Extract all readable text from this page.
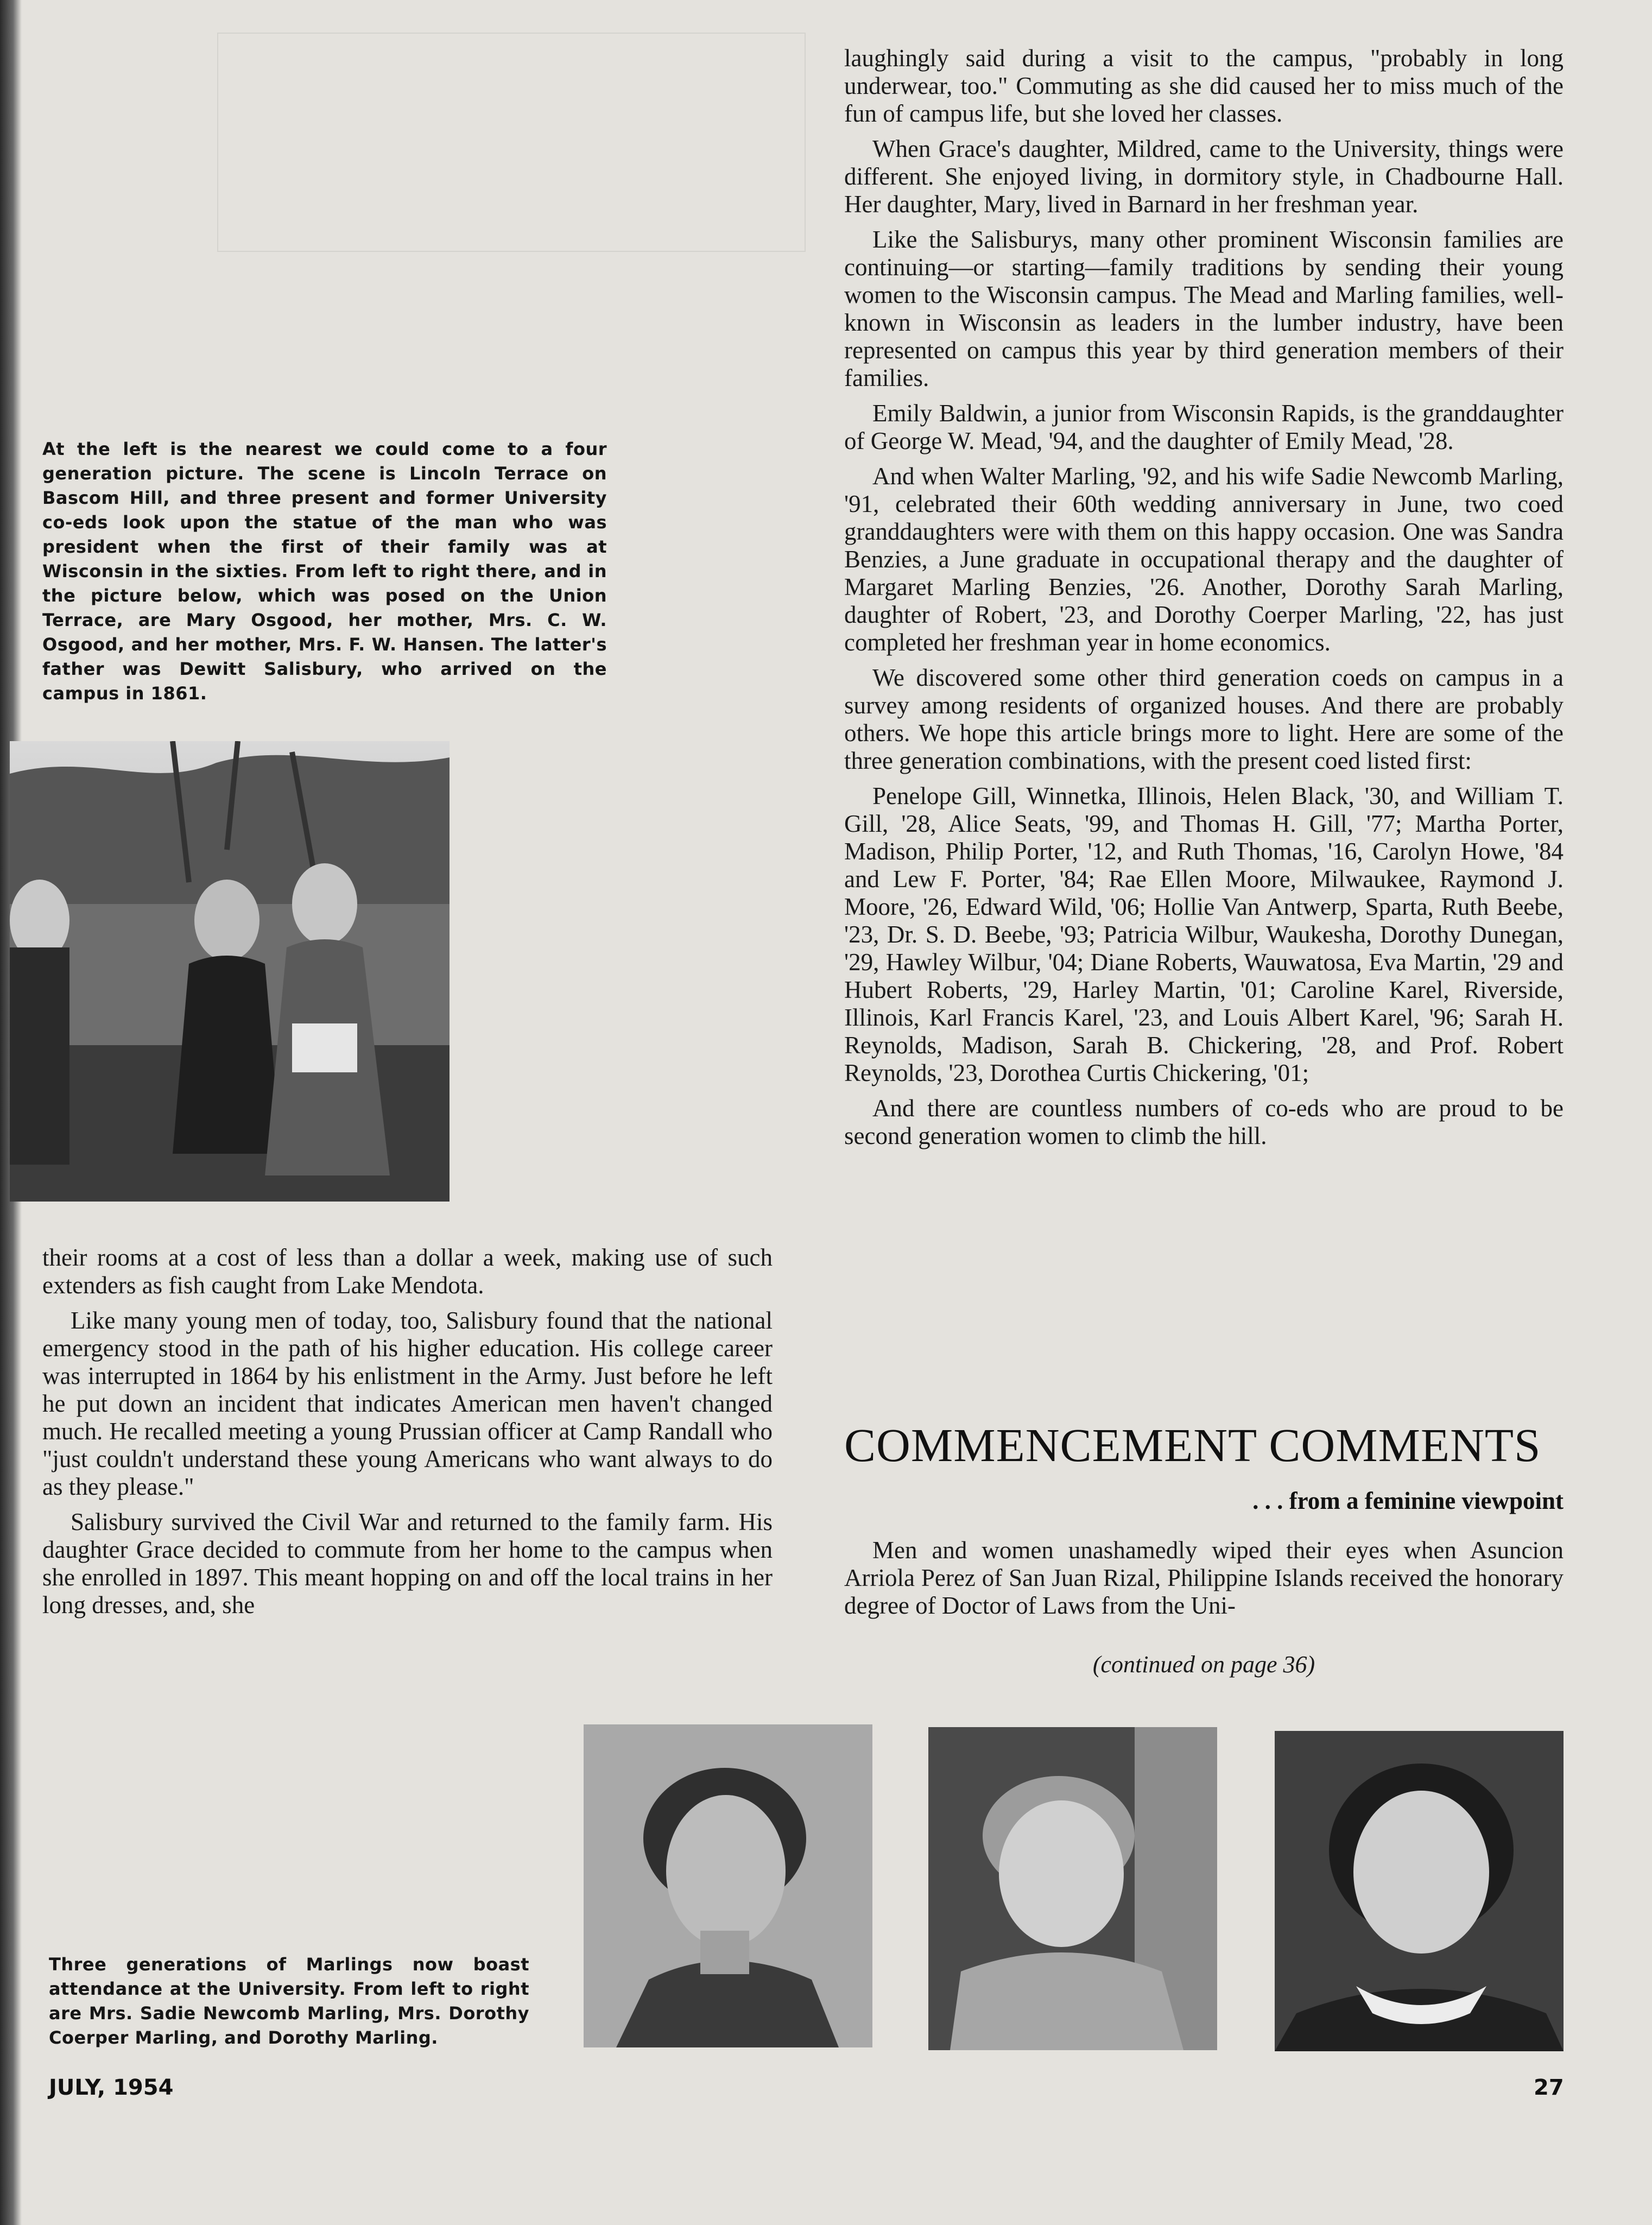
At the left is the nearest we could come to a four generation picture. The scene is Lincoln Terrace on Bascom Hill, and three present and former University co-eds look upon the statue of the man who was president when the first of their family was at Wisconsin in the sixties. From left to right there, and in the picture below, which was posed on the Union Terrace, are Mary Osgood, her mother, Mrs. C. W. Osgood, and her mother, Mrs. F. W. Hansen. The latter's father was Dewitt Salisbury, who arrived on the campus in 1861.

their rooms at a cost of less than a dollar a week, making use of such extenders as fish caught from Lake Mendota.

Like many young men of today, too, Salisbury found that the national emergency stood in the path of his higher education. His college career was interrupted in 1864 by his enlistment in the Army. Just before he left he put down an incident that indicates American men haven't changed much. He recalled meeting a young Prussian officer at Camp Randall who "just couldn't understand these young Americans who want always to do as they please."

Salisbury survived the Civil War and returned to the family farm. His daughter Grace decided to commute from her home to the campus when she enrolled in 1897. This meant hopping on and off the local trains in her long dresses, and, she

laughingly said during a visit to the campus, "probably in long underwear, too." Commuting as she did caused her to miss much of the fun of campus life, but she loved her classes.

When Grace's daughter, Mildred, came to the University, things were different. She enjoyed living, in dormitory style, in Chadbourne Hall. Her daughter, Mary, lived in Barnard in her freshman year.

Like the Salisburys, many other prominent Wisconsin families are continuing—or starting—family traditions by sending their young women to the Wisconsin campus. The Mead and Marling families, well-known in Wisconsin as leaders in the lumber industry, have been represented on campus this year by third generation members of their families.

Emily Baldwin, a junior from Wisconsin Rapids, is the granddaughter of George W. Mead, '94, and the daughter of Emily Mead, '28.

And when Walter Marling, '92, and his wife Sadie Newcomb Marling, '91, celebrated their 60th wedding anniversary in June, two coed granddaughters were with them on this happy occasion. One was Sandra Benzies, a June graduate in occupational therapy and the daughter of Margaret Marling Benzies, '26. Another, Dorothy Sarah Marling, daughter of Robert, '23, and Dorothy Coerper Marling, '22, has just completed her freshman year in home economics.

We discovered some other third generation coeds on campus in a survey among residents of organized houses. And there are probably others. We hope this article brings more to light. Here are some of the three generation combinations, with the present coed listed first:

Penelope Gill, Winnetka, Illinois, Helen Black, '30, and William T. Gill, '28, Alice Seats, '99, and Thomas H. Gill, '77; Martha Porter, Madison, Philip Porter, '12, and Ruth Thomas, '16, Carolyn Howe, '84 and Lew F. Porter, '84; Rae Ellen Moore, Milwaukee, Raymond J. Moore, '26, Edward Wild, '06; Hollie Van Antwerp, Sparta, Ruth Beebe, '23, Dr. S. D. Beebe, '93; Patricia Wilbur, Waukesha, Dorothy Dunegan, '29, Hawley Wilbur, '04; Diane Roberts, Wauwatosa, Eva Martin, '29 and Hubert Roberts, '29, Harley Martin, '01; Caroline Karel, Riverside, Illinois, Karl Francis Karel, '23, and Louis Albert Karel, '96; Sarah H. Reynolds, Madison, Sarah B. Chickering, '28, and Prof. Robert Reynolds, '23, Dorothea Curtis Chickering, '01;

And there are countless numbers of co-eds who are proud to be second generation women to climb the hill.

COMMENCEMENT COMMENTS
. . . from a feminine viewpoint

Men and women unashamedly wiped their eyes when Asuncion Arriola Perez of San Juan Rizal, Philippine Islands received the honorary degree of Doctor of Laws from the Uni-

(continued on page 36)
Three generations of Marlings now boast attendance at the University. From left to right are Mrs. Sadie Newcomb Marling, Mrs. Dorothy Coerper Marling, and Dorothy Marling.
JULY, 1954	27
